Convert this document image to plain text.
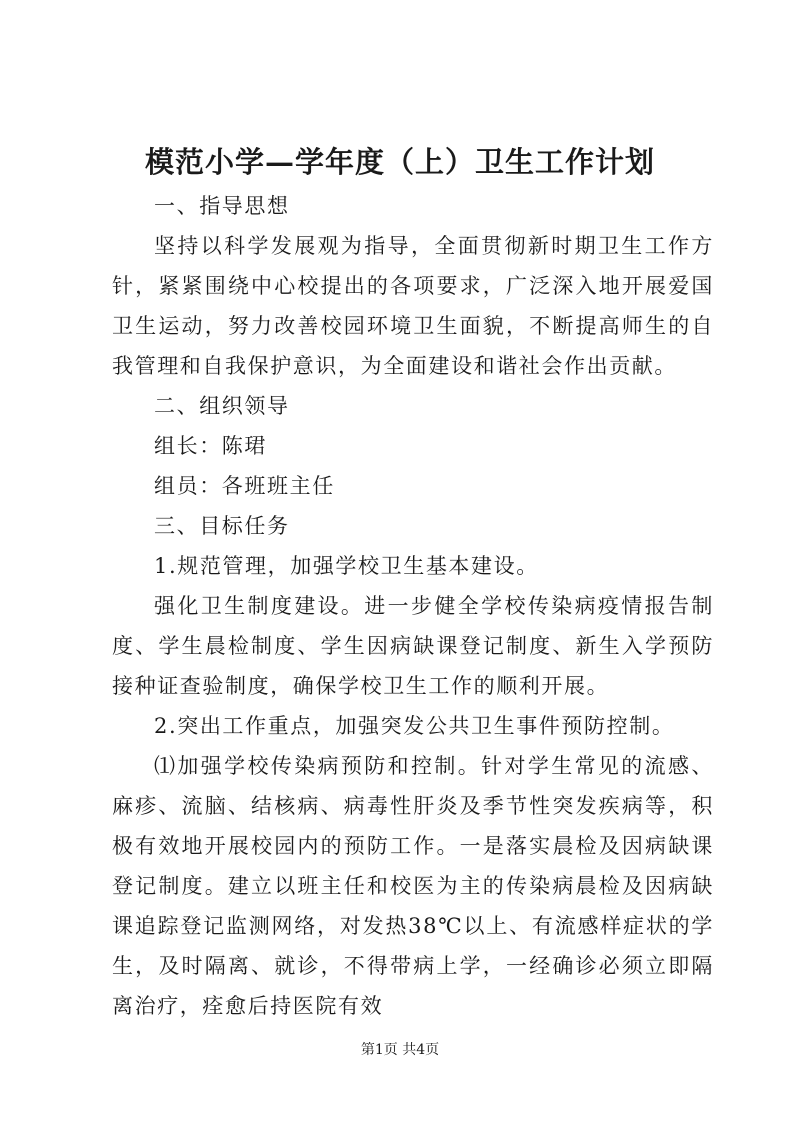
模范小学—学年度（上）卫生工作计划

一、指导思想

坚持以科学发展观为指导，全面贯彻新时期卫生工作方针，紧紧围绕中心校提出的各项要求，广泛深入地开展爱国卫生运动，努力改善校园环境卫生面貌，不断提高师生的自我管理和自我保护意识，为全面建设和谐社会作出贡献。

二、组织领导

组长：陈珺

组员：各班班主任

三、目标任务

1.规范管理，加强学校卫生基本建设。

强化卫生制度建设。进一步健全学校传染病疫情报告制度、学生晨检制度、学生因病缺课登记制度、新生入学预防接种证查验制度，确保学校卫生工作的顺利开展。

2.突出工作重点，加强突发公共卫生事件预防控制。

⑴加强学校传染病预防和控制。针对学生常见的流感、麻疹、流脑、结核病、病毒性肝炎及季节性突发疾病等，积极有效地开展校园内的预防工作。一是落实晨检及因病缺课登记制度。建立以班主任和校医为主的传染病晨检及因病缺课追踪登记监测网络，对发热38℃以上、有流感样症状的学生，及时隔离、就诊，不得带病上学，一经确诊必须立即隔离治疗，痊愈后持医院有效

第1页 共4页
